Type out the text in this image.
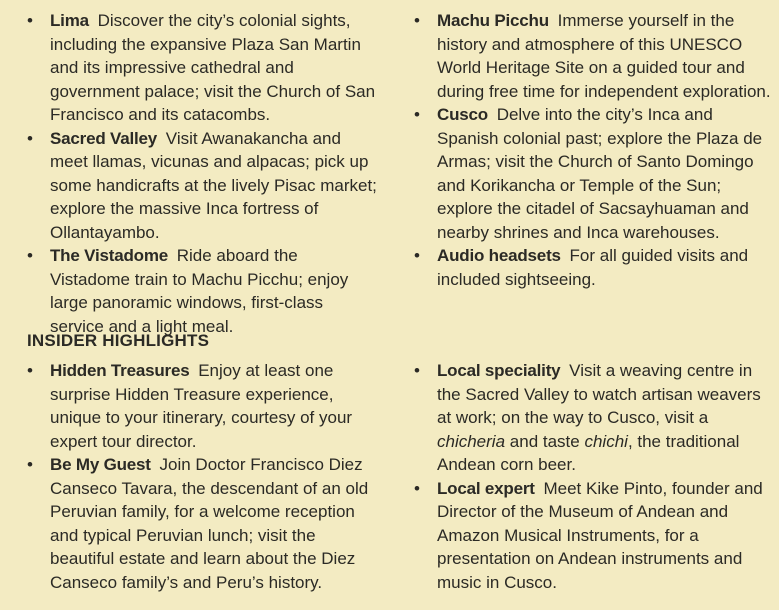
• Lima Discover the city’s colonial sights, including the expansive Plaza San Martin and its impressive cathedral and government palace; visit the Church of San Francisco and its catacombs.
• Sacred Valley Visit Awanakancha and meet llamas, vicunas and alpacas; pick up some handicrafts at the lively Pisac market; explore the massive Inca fortress of Ollantayambo.
• The Vistadome Ride aboard the Vistadome train to Machu Picchu; enjoy large panoramic windows, first-class service and a light meal.
• Machu Picchu Immerse yourself in the history and atmosphere of this UNESCO World Heritage Site on a guided tour and during free time for independent exploration.
• Cusco Delve into the city’s Inca and Spanish colonial past; explore the Plaza de Armas; visit the Church of Santo Domingo and Korikancha or Temple of the Sun; explore the citadel of Sacsayhuaman and nearby shrines and Inca warehouses.
• Audio headsets For all guided visits and included sightseeing.
INSIDER HIGHLIGHTS
• Hidden Treasures Enjoy at least one surprise Hidden Treasure experience, unique to your itinerary, courtesy of your expert tour director.
• Be My Guest Join Doctor Francisco Diez Canseco Tavara, the descendant of an old Peruvian family, for a welcome reception and typical Peruvian lunch; visit the beautiful estate and learn about the Diez Canseco family’s and Peru’s history.
• Local speciality Visit a weaving centre in the Sacred Valley to watch artisan weavers at work; on the way to Cusco, visit a chicheria and taste chichi, the traditional Andean corn beer.
• Local expert Meet Kike Pinto, founder and Director of the Museum of Andean and Amazon Musical Instruments, for a presentation on Andean instruments and music in Cusco.
